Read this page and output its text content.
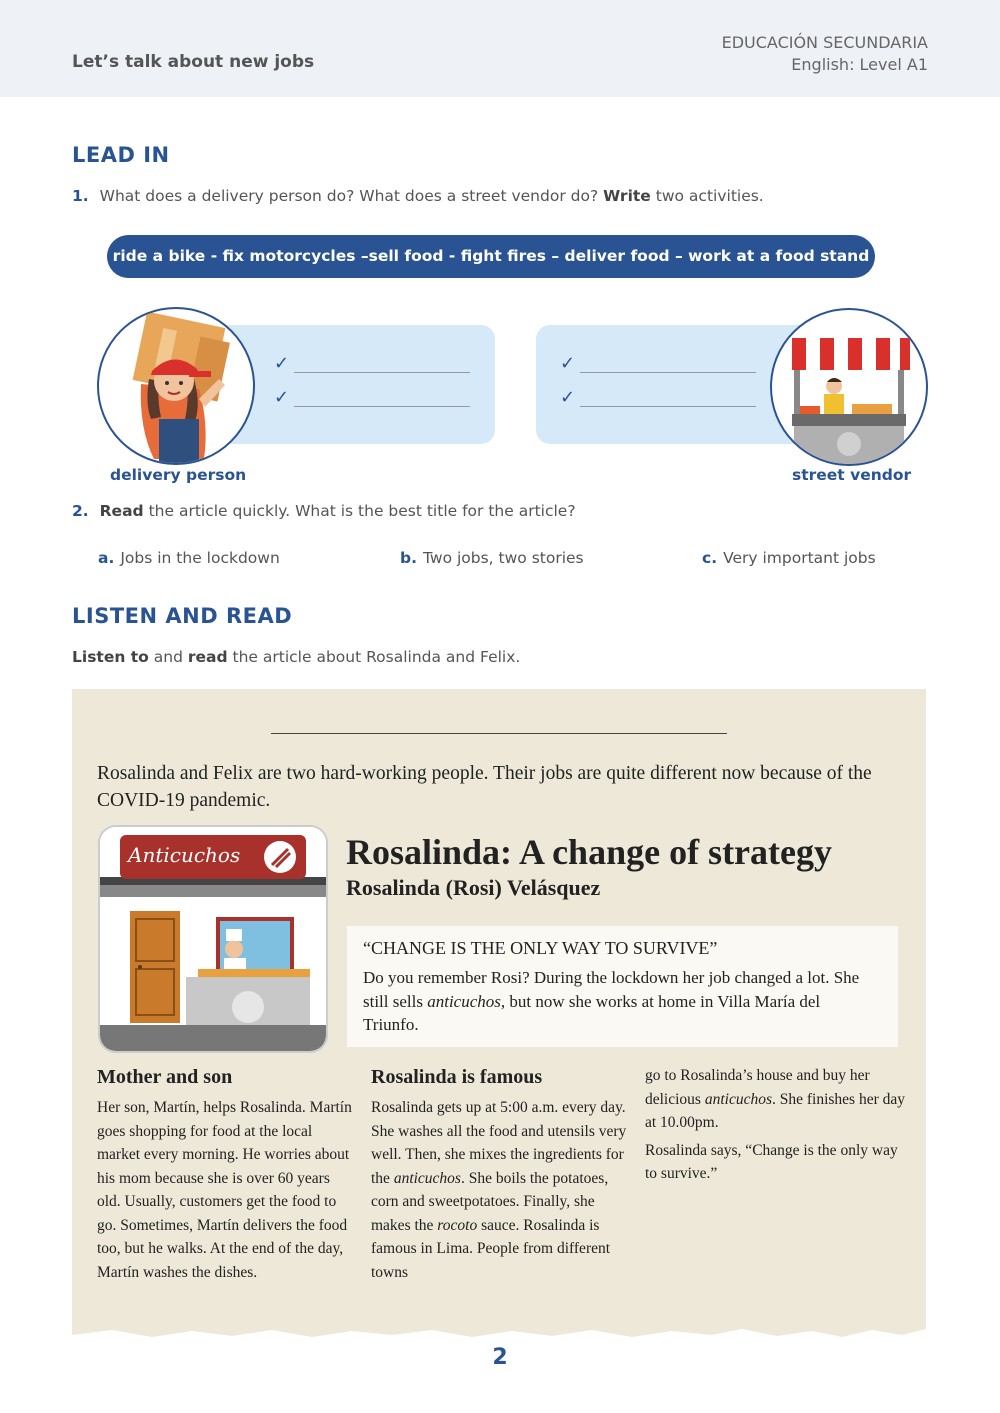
Let’s talk about new jobs
EDUCACIÓN SECUNDARIA
English: Level A1
LEAD IN
1. What does a delivery person do? What does a street vendor do? Write two activities.
ride a bike - fix motorcycles –sell food - fight fires – deliver food – work at a food stand
✓
✓
✓
✓
delivery person	street vendor
2. Read the article quickly. What is the best title for the article?
a. Jobs in the lockdown	b. Two jobs, two stories	c. Very important jobs
LISTEN AND READ
Listen to and read the article about Rosalinda and Felix.
Rosalinda and Felix are two hard-working people. Their jobs are quite different now because of the COVID-19 pandemic.
Anticuchos	Rosalinda: A change of strategy
Rosalinda (Rosi) Velásquez
“CHANGE IS THE ONLY WAY TO SURVIVE”
Do you remember Rosi? During the lockdown her job changed a lot. She still sells anticuchos, but now she works at home in Villa María del Triunfo.
Mother and son
Her son, Martín, helps Rosalinda. Martín goes shopping for food at the local market every morning. He worries about his mom because she is over 60 years old. Usually, customers get the food to go. Sometimes, Martín delivers the food too, but he walks. At the end of the day, Martín washes the dishes.
Rosalinda is famous
Rosalinda gets up at 5:00 a.m. every day. She washes all the food and utensils very well. Then, she mixes the ingredients for the anticuchos. She boils the potatoes, corn and sweetpotatoes. Finally, she makes the rocoto sauce. Rosalinda is famous in Lima. People from different towns

go to Rosalinda’s house and buy her delicious anticuchos. She finishes her day at 10.00pm.

Rosalinda says, “Change is the only way to survive.”

2
